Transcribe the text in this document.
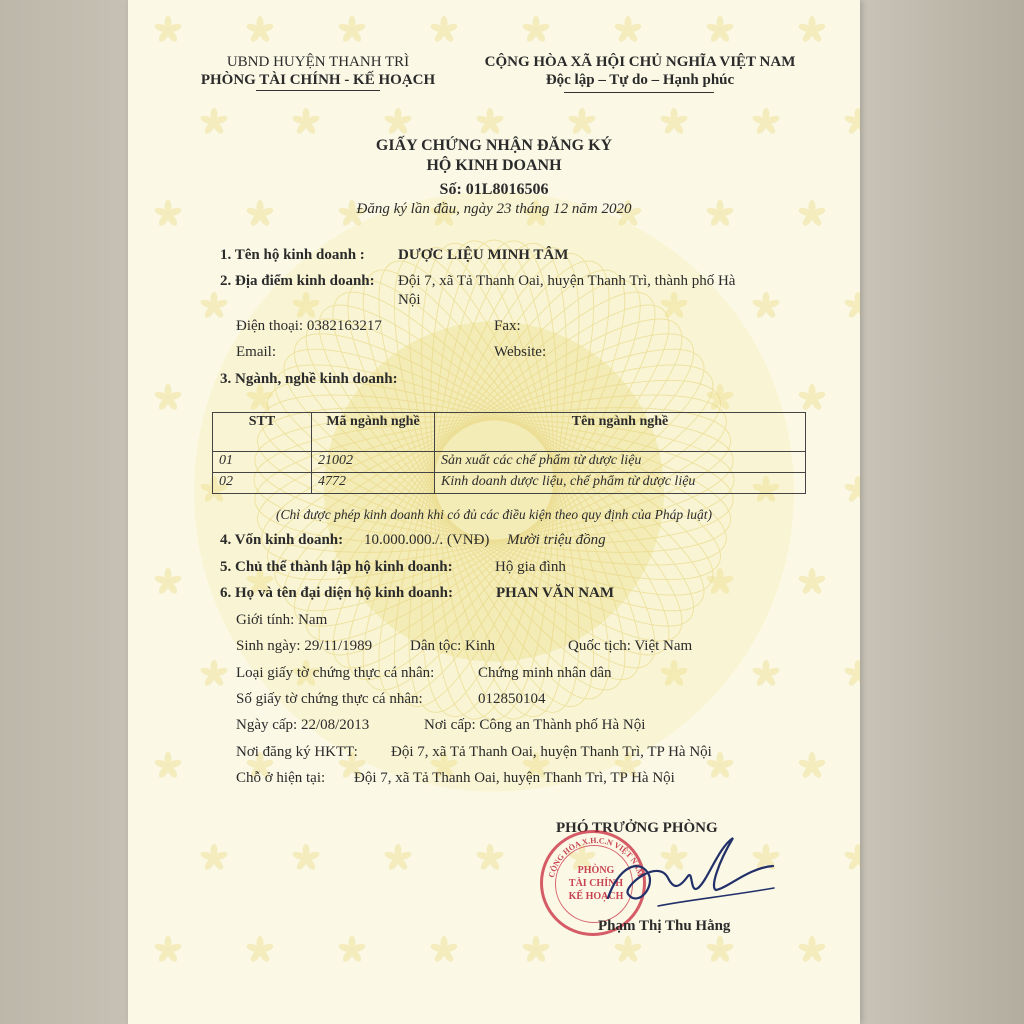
UBND HUYỆN THANH TRÌ
PHÒNG TÀI CHÍNH - KẾ HOẠCH
CỘNG HÒA XÃ HỘI CHỦ NGHĨA VIỆT NAM
Độc lập – Tự do – Hạnh phúc
GIẤY CHỨNG NHẬN ĐĂNG KÝ
HỘ KINH DOANH
Số: 01L8016506
Đăng ký lần đầu, ngày 23 tháng 12 năm 2020
1. Tên hộ kinh doanh : DƯỢC LIỆU MINH TÂM
2. Địa điểm kinh doanh: Đội 7, xã Tả Thanh Oai, huyện Thanh Trì, thành phố Hà
Nội
Điện thoại: 0382163217	Fax:
Email:	Website:
3. Ngành, nghề kinh doanh:
STT	Mã ngành nghề	Tên ngành nghề
01	21002	Sản xuất các chế phẩm từ dược liệu
02	4772	Kinh doanh dược liệu, chế phẩm từ dược liệu
(Chỉ được phép kinh doanh khi có đủ các điều kiện theo quy định của Pháp luật)
4. Vốn kinh doanh: 10.000.000./. (VNĐ) Mười triệu đồng
5. Chủ thể thành lập hộ kinh doanh:	Hộ gia đình
6. Họ và tên đại diện hộ kinh doanh:	PHAN VĂN NAM
Giới tính: Nam
Sinh ngày: 29/11/1989	Dân tộc: Kinh	Quốc tịch: Việt Nam
Loại giấy tờ chứng thực cá nhân:	Chứng minh nhân dân
Số giấy tờ chứng thực cá nhân:	012850104
Ngày cấp: 22/08/2013	Nơi cấp: Công an Thành phố Hà Nội
Nơi đăng ký HKTT: Đội 7, xã Tả Thanh Oai, huyện Thanh Trì, TP Hà Nội
Chỗ ở hiện tại: Đội 7, xã Tả Thanh Oai, huyện Thanh Trì, TP Hà Nội
PHÓ TRƯỞNG PHÒNG
CỘNG HÒA X.H.C.N VIỆT NAM
PHÒNG
TÀI CHÍNH
KẾ HOẠCH
Phạm Thị Thu Hằng
